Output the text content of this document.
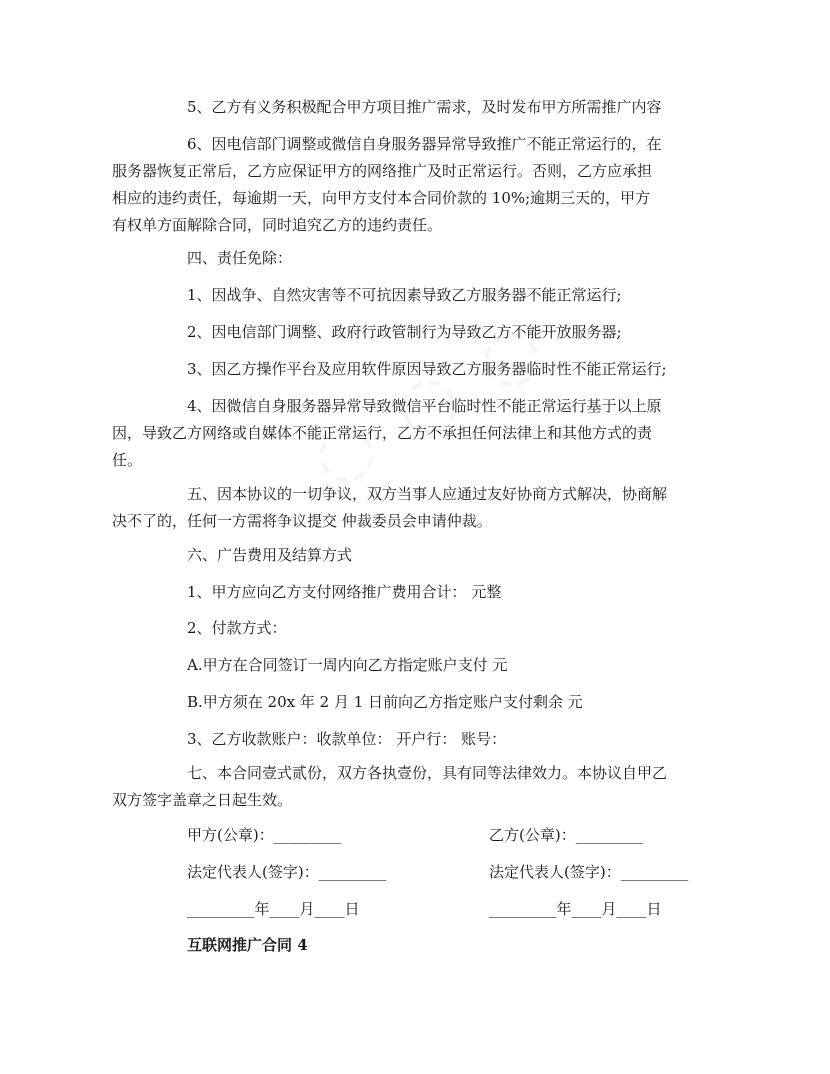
5、乙方有义务积极配合甲方项目推广需求，及时发布甲方所需推广内容

6、因电信部门调整或微信自身服务器异常导致推广不能正常运行的，在

服务器恢复正常后，乙方应保证甲方的网络推广及时正常运行。否则，乙方应承担

相应的违约责任，每逾期一天，向甲方支付本合同价款的 10%;逾期三天的，甲方

有权单方面解除合同，同时追究乙方的违约责任。

四、责任免除：

1、因战争、自然灾害等不可抗因素导致乙方服务器不能正常运行;

2、因电信部门调整、政府行政管制行为导致乙方不能开放服务器;

3、因乙方操作平台及应用软件原因导致乙方服务器临时性不能正常运行;

4、因微信自身服务器异常导致微信平台临时性不能正常运行基于以上原

因，导致乙方网络或自媒体不能正常运行，乙方不承担任何法律上和其他方式的责

任。

五、因本协议的一切争议，双方当事人应通过友好协商方式解决，协商解

决不了的，任何一方需将争议提交 仲裁委员会申请仲裁。

六、广告费用及结算方式

1、甲方应向乙方支付网络推广费用合计： 元整

2、付款方式：

A.甲方在合同签订一周内向乙方指定账户支付 元

B.甲方须在 20x 年 2 月 1 日前向乙方指定账户支付剩余 元

3、乙方收款账户：收款单位： 开户行： 账号：

七、本合同壹式贰份，双方各执壹份，具有同等法律效力。本协议自甲乙

双方签字盖章之日起生效。

甲方(公章)：_________	乙方(公章)：_________
法定代表人(签字)：_________	法定代表人(签字)：_________
_________年____月____日	_________年____月____日

互联网推广合同 4
